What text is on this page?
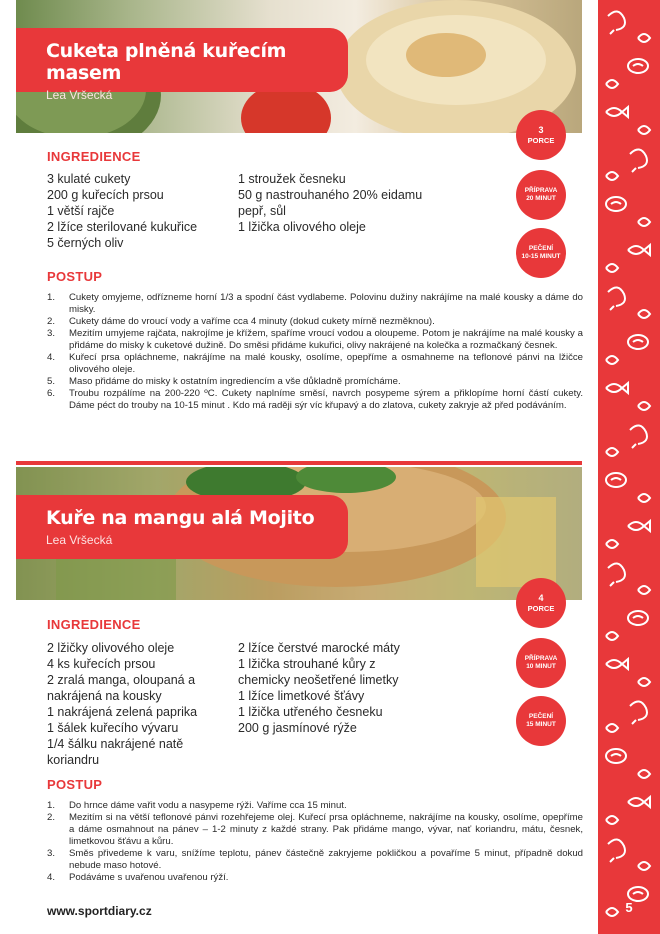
5
Cuketa plněná kuřecím masem
Lea Vršecká
3
PORCE
PŘÍPRAVA
20 MINUT
PEČENÍ
10-15 MINUT
INGREDIENCE
3 kulaté cukety
200 g kuřecích prsou
1 větší rajče
2 lžíce sterilované kukuřice
5 černých oliv
1 stroužek česneku
50 g nastrouhaného 20% eidamu
pepř, sůl
1 lžička olivového oleje
POSTUP
1. Cukety omyjeme, odřízneme horní 1/3 a spodní část vydlabeme. Polovinu dužiny nakrájíme na malé kousky a dáme do misky.
2. Cukety dáme do vroucí vody a vaříme cca 4 minuty (dokud cukety mírně nezměknou).
3. Mezitím umyjeme rajčata, nakrojíme je křížem, spaříme vroucí vodou a oloupeme. Potom je nakrájíme na malé kousky a přidáme do misky k cuketové dužině. Do směsi přidáme kukuřici, olivy nakrájené na kolečka a rozmačkaný česnek.
4. Kuřecí prsa opláchneme, nakrájíme na malé kousky, osolíme, opepříme a osmahneme na teflonové pánvi na lžičce olivového oleje.
5. Maso přidáme do misky k ostatním ingrediencím a vše důkladně promícháme.
6. Troubu rozpálíme na 200-220 ºC. Cukety naplníme směsí, navrch posypeme sýrem a přiklopíme horní částí cukety. Dáme péct do trouby na 10-15 minut . Kdo má raději sýr víc křupavý a do zlatova, cukety zakryje až před podáváním.
Kuře na mangu alá Mojito
Lea Vršecká
4
PORCE
PŘÍPRAVA
10 MINUT
PEČENÍ
15 MINUT
INGREDIENCE
2 lžičky olivového oleje
4 ks kuřecích prsou
2 zralá manga, oloupaná a
nakrájená na kousky
1 nakrájená zelená paprika
1 šálek kuřecího vývaru
1/4 šálku nakrájené natě
koriandru
2 lžíce čerstvé marocké máty
1 lžička strouhané kůry z
chemicky neošetřené limetky
1 lžíce limetkové šťávy
1 lžička utřeného česneku
200 g jasmínové rýže
POSTUP
1. Do hrnce dáme vařit vodu a nasypeme rýži. Vaříme cca 15 minut.
2. Mezitím si na větší teflonové pánvi rozehřejeme olej. Kuřecí prsa opláchneme, nakrájíme na kousky, osolíme, opepříme a dáme osmahnout na pánev – 1-2 minuty z každé strany. Pak přidáme mango, vývar, nať koriandru, mátu, česnek, limetkovou šťávu a kůru.
3. Směs přivedeme k varu, snížíme teplotu, pánev částečně zakryjeme pokličkou a povaříme 5 minut, případně dokud nebude maso hotové.
4. Podáváme s uvařenou uvařenou rýží.
www.sportdiary.cz
